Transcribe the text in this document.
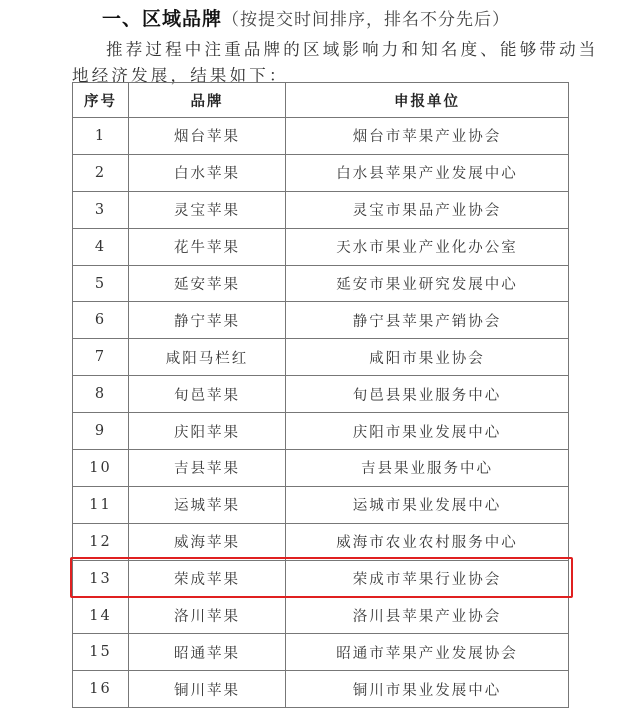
一、区域品牌（按提交时间排序，排名不分先后）
推荐过程中注重品牌的区域影响力和知名度、能够带动当
地经济发展，结果如下：
序号	品牌	申报单位
1	烟台苹果	烟台市苹果产业协会
2	白水苹果	白水县苹果产业发展中心
3	灵宝苹果	灵宝市果品产业协会
4	花牛苹果	天水市果业产业化办公室
5	延安苹果	延安市果业研究发展中心
6	静宁苹果	静宁县苹果产销协会
7	咸阳马栏红	咸阳市果业协会
8	旬邑苹果	旬邑县果业服务中心
9	庆阳苹果	庆阳市果业发展中心
10	吉县苹果	吉县果业服务中心
11	运城苹果	运城市果业发展中心
12	威海苹果	威海市农业农村服务中心
13	荣成苹果	荣成市苹果行业协会
14	洛川苹果	洛川县苹果产业协会
15	昭通苹果	昭通市苹果产业发展协会
16	铜川苹果	铜川市果业发展中心
